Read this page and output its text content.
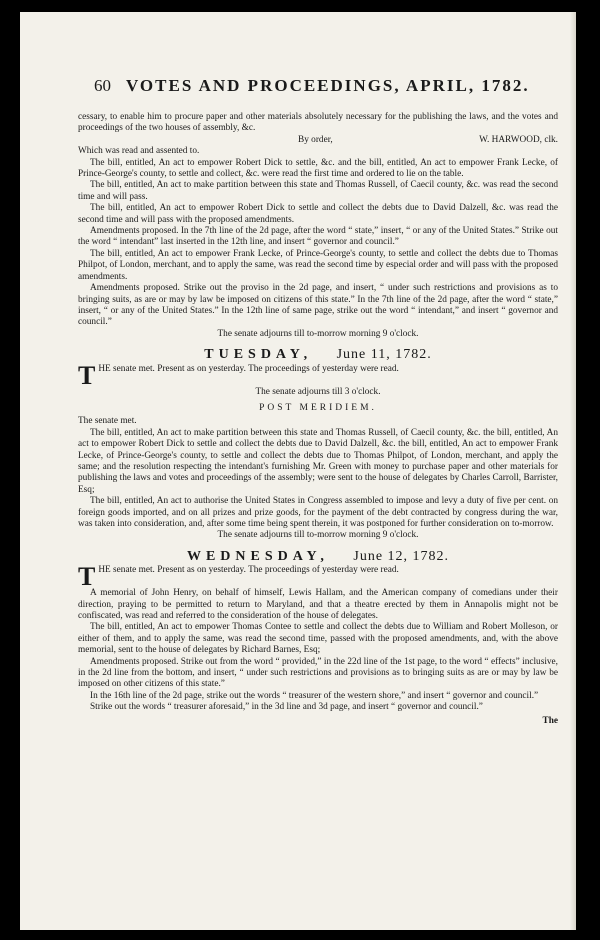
60 VOTES AND PROCEEDINGS, APRIL, 1782.

cessary, to enable him to procure paper and other materials absolutely necessary for the publishing the laws, and the votes and proceedings of the two houses of assembly, &c.

By order,	W. HARWOOD, clk.

Which was read and assented to.

The bill, entitled, An act to empower Robert Dick to settle, &c. and the bill, entitled, An act to empower Frank Lecke, of Prince-George's county, to settle and collect, &c. were read the first time and ordered to lie on the table.

The bill, entitled, An act to make partition between this state and Thomas Russell, of Caecil county, &c. was read the second time and will pass.

The bill, entitled, An act to empower Robert Dick to settle and collect the debts due to David Dalzell, &c. was read the second time and will pass with the proposed amendments.

Amendments proposed. In the 7th line of the 2d page, after the word “ state,” insert, “ or any of the United States.” Strike out the word “ intendant” last inserted in the 12th line, and insert “ governor and council.”

The bill, entitled, An act to empower Frank Lecke, of Prince-George's county, to settle and collect the debts due to Thomas Philpot, of London, merchant, and to apply the same, was read the second time by especial order and will pass with the proposed amendments.

Amendments proposed. Strike out the proviso in the 2d page, and insert, “ under such restrictions and provisions as to bringing suits, as are or may by law be imposed on citizens of this state.” In the 7th line of the 2d page, after the word “ state,” insert, “ or any of the United States.” In the 12th line of same page, strike out the word “ intendant,” and insert “ governor and council.”

The senate adjourns till to-morrow morning 9 o'clock.

TUESDAY, June 11, 1782.

T HE senate met. Present as on yesterday. The proceedings of yesterday were read.

The senate adjourns till 3 o'clock.

POST MERIDIEM.

The senate met.

The bill, entitled, An act to make partition between this state and Thomas Russell, of Caecil county, &c. the bill, entitled, An act to empower Robert Dick to settle and collect the debts due to David Dalzell, &c. the bill, entitled, An act to empower Frank Lecke, of Prince-George's county, to settle and collect the debts due to Thomas Philpot, of London, merchant, and apply the same; and the resolution respecting the intendant's furnishing Mr. Green with money to purchase paper and other materials for publishing the laws and votes and proceedings of the assembly; were sent to the house of delegates by Charles Carroll, Barrister, Esq;

The bill, entitled, An act to authorise the United States in Congress assembled to impose and levy a duty of five per cent. on foreign goods imported, and on all prizes and prize goods, for the payment of the debt contracted by congress during the war, was taken into consideration, and, after some time being spent therein, it was postponed for further consideration on to-morrow.

The senate adjourns till to-morrow morning 9 o'clock.

WEDNESDAY, June 12, 1782.

T HE senate met. Present as on yesterday. The proceedings of yesterday were read.

A memorial of John Henry, on behalf of himself, Lewis Hallam, and the American company of comedians under their direction, praying to be permitted to return to Maryland, and that a theatre erected by them in Annapolis might not be confiscated, was read and referred to the consideration of the house of delegates.

The bill, entitled, An act to empower Thomas Contee to settle and collect the debts due to William and Robert Molleson, or either of them, and to apply the same, was read the second time, passed with the proposed amendments, and, with the above memorial, sent to the house of delegates by Richard Barnes, Esq;

Amendments proposed. Strike out from the word “ provided,” in the 22d line of the 1st page, to the word “ effects” inclusive, in the 2d line from the bottom, and insert, “ under such restrictions and provisions as to bringing suits as are or may by law be imposed on other citizens of this state.”

In the 16th line of the 2d page, strike out the words “ treasurer of the western shore,” and insert “ governor and council.”

Strike out the words “ treasurer aforesaid,” in the 3d line and 3d page, and insert “ governor and council.”

The
